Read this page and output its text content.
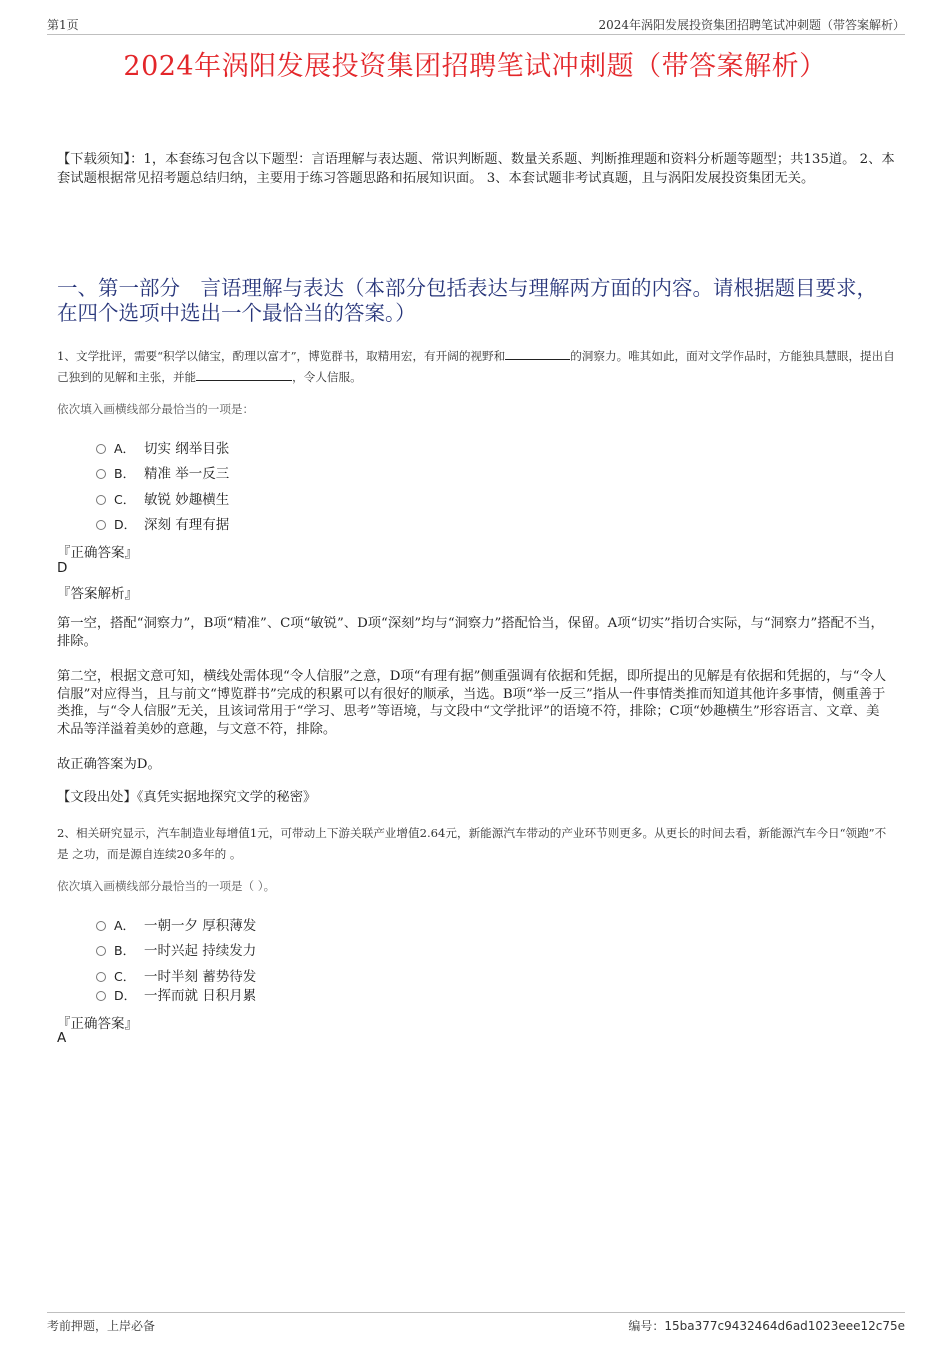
第1页	2024年涡阳发展投资集团招聘笔试冲刺题（带答案解析）
2024年涡阳发展投资集团招聘笔试冲刺题（带答案解析）
【下载须知】：1，本套练习包含以下题型：言语理解与表达题、常识判断题、数量关系题、判断推理题和资料分析题等题型；共135道。 2、本套试题根据常见招考题总结归纳，主要用于练习答题思路和拓展知识面。 3、本套试题非考试真题，且与涡阳发展投资集团无关。
一、第一部分　言语理解与表达（本部分包括表达与理解两方面的内容。请根据题目要求，在四个选项中选出一个最恰当的答案。）
1、文学批评，需要“积学以储宝，酌理以富才”，博览群书，取精用宏，有开阔的视野和	的洞察力。唯其如此，面对文学作品时，方能独具慧眼，提出自己独到的见解和主张，并能	，令人信服。
依次填入画横线部分最恰当的一项是：
A． 切实 纲举目张
B． 精准 举一反三
C． 敏锐 妙趣横生
D． 深刻 有理有据
『正确答案』
D
『答案解析』
第一空，搭配“洞察力”，B项“精准”、C项“敏锐”、D项“深刻”均与“洞察力”搭配恰当，保留。A项“切实”指切合实际，与“洞察力”搭配不当，排除。
第二空，根据文意可知，横线处需体现“令人信服”之意，D项“有理有据”侧重强调有依据和凭据，即所提出的见解是有依据和凭据的，与“令人信服”对应得当，且与前文“博览群书”完成的积累可以有很好的顺承，当选。B项“举一反三”指从一件事情类推而知道其他许多事情，侧重善于类推，与“令人信服”无关，且该词常用于“学习、思考”等语境，与文段中“文学批评”的语境不符，排除；C项“妙趣横生”形容语言、文章、美术品等洋溢着美妙的意趣，与文意不符，排除。
故正确答案为D。
【文段出处】《真凭实据地探究文学的秘密》
2、相关研究显示，汽车制造业每增值1元，可带动上下游关联产业增值2.64元，新能源汽车带动的产业环节则更多。从更长的时间去看，新能源汽车今日“领跑”不是 之功，而是源自连续20多年的 。
依次填入画横线部分最恰当的一项是（ ）。
A． 一朝一夕 厚积薄发
B． 一时兴起 持续发力
C． 一时半刻 蓄势待发
D． 一挥而就 日积月累
『正确答案』
A
考前押题，上岸必备	编号：15ba377c9432464d6ad1023eee12c75e
